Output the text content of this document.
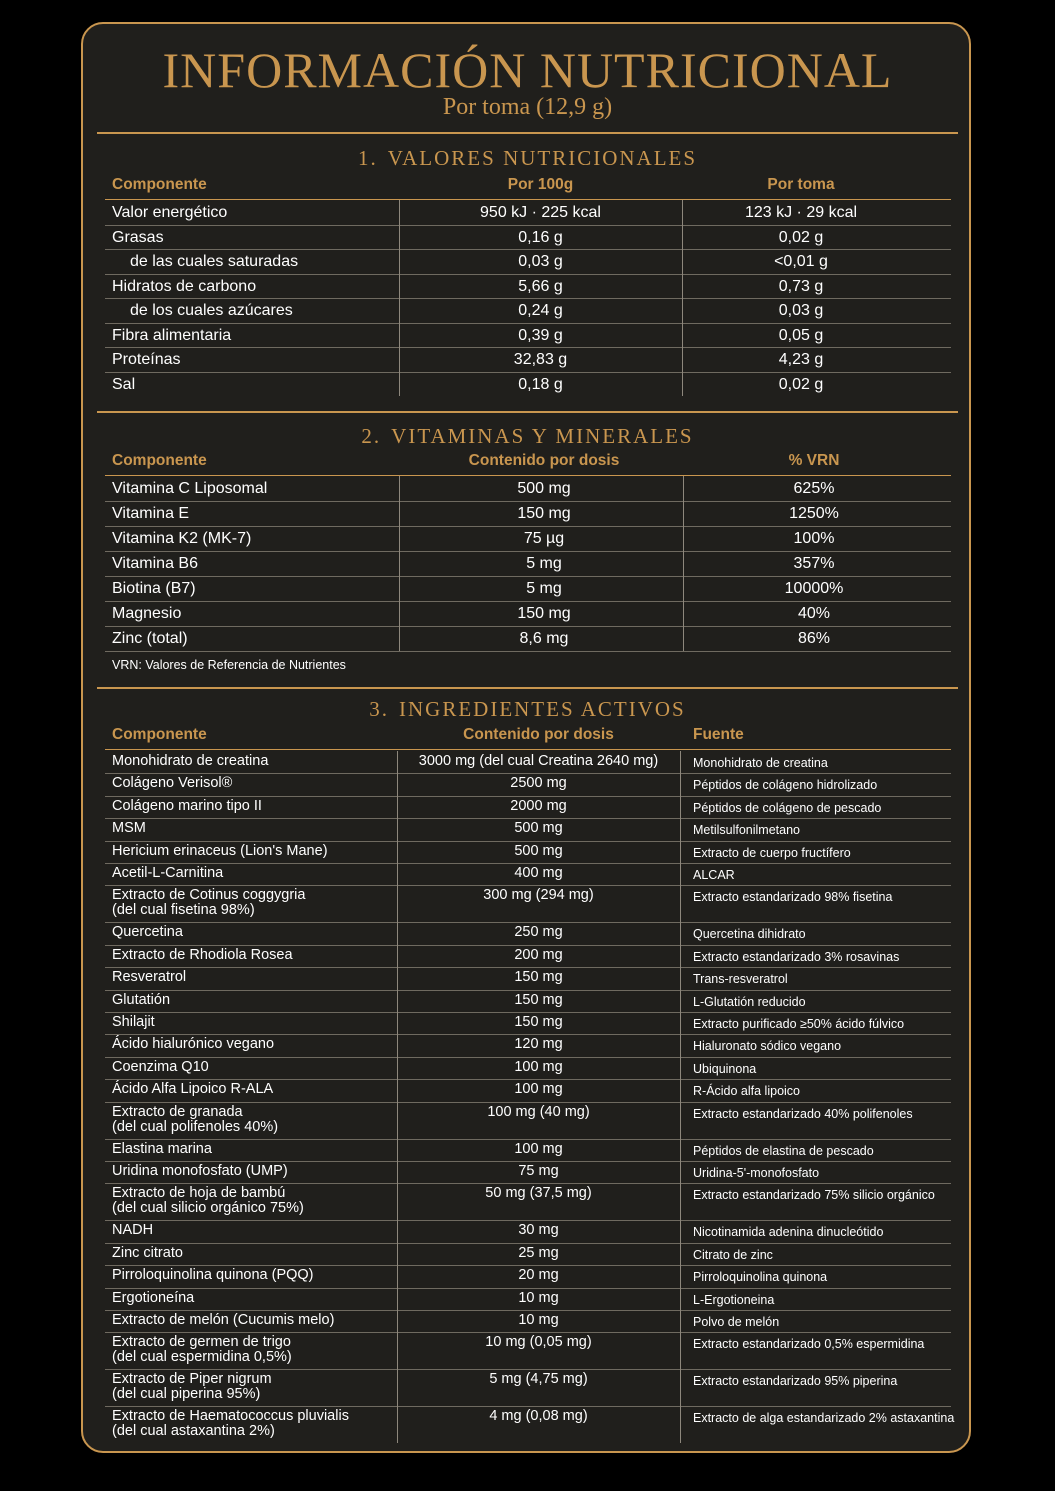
INFORMACIÓN NUTRICIONAL
Por toma (12,9 g)
1. VALORES NUTRICIONALES
Componente	Por 100g	Por toma
Valor energético	950 kJ · 225 kcal	123 kJ · 29 kcal
Grasas	0,16 g	0,02 g
de las cuales saturadas	0,03 g	<0,01 g
Hidratos de carbono	5,66 g	0,73 g
de los cuales azúcares	0,24 g	0,03 g
Fibra alimentaria	0,39 g	0,05 g
Proteínas	32,83 g	4,23 g
Sal	0,18 g	0,02 g
2. VITAMINAS Y MINERALES
Componente	Contenido por dosis	% VRN
Vitamina C Liposomal	500 mg	625%
Vitamina E	150 mg	1250%
Vitamina K2 (MK-7)	75 µg	100%
Vitamina B6	5 mg	357%
Biotina (B7)	5 mg	10000%
Magnesio	150 mg	40%
Zinc (total)	8,6 mg	86%
VRN: Valores de Referencia de Nutrientes
3. INGREDIENTES ACTIVOS
Componente	Contenido por dosis	Fuente
Monohidrato de creatina	3000 mg (del cual Creatina 2640 mg)	Monohidrato de creatina
Colágeno Verisol®	2500 mg	Péptidos de colágeno hidrolizado
Colágeno marino tipo II	2000 mg	Péptidos de colágeno de pescado
MSM	500 mg	Metilsulfonilmetano
Hericium erinaceus (Lion's Mane)	500 mg	Extracto de cuerpo fructífero
Acetil-L-Carnitina	400 mg	ALCAR
Extracto de Cotinus coggygria
(del cual fisetina 98%)
300 mg (294 mg)	Extracto estandarizado 98% fisetina
Quercetina	250 mg	Quercetina dihidrato
Extracto de Rhodiola Rosea	200 mg	Extracto estandarizado 3% rosavinas
Resveratrol	150 mg	Trans-resveratrol
Glutatión	150 mg	L-Glutatión reducido
Shilajit	150 mg	Extracto purificado ≥50% ácido fúlvico
Ácido hialurónico vegano	120 mg	Hialuronato sódico vegano
Coenzima Q10	100 mg	Ubiquinona
Ácido Alfa Lipoico R-ALA	100 mg	R-Ácido alfa lipoico
Extracto de granada
(del cual polifenoles 40%)
100 mg (40 mg)	Extracto estandarizado 40% polifenoles
Elastina marina	100 mg	Péptidos de elastina de pescado
Uridina monofosfato (UMP)	75 mg	Uridina-5'-monofosfato
Extracto de hoja de bambú
(del cual silicio orgánico 75%)
50 mg (37,5 mg)	Extracto estandarizado 75% silicio orgánico
NADH	30 mg	Nicotinamida adenina dinucleótido
Zinc citrato	25 mg	Citrato de zinc
Pirroloquinolina quinona (PQQ)	20 mg	Pirroloquinolina quinona
Ergotioneína	10 mg	L-Ergotioneina
Extracto de melón (Cucumis melo)	10 mg	Polvo de melón
Extracto de germen de trigo
(del cual espermidina 0,5%)
10 mg (0,05 mg)	Extracto estandarizado 0,5% espermidina
Extracto de Piper nigrum
(del cual piperina 95%)
5 mg (4,75 mg)	Extracto estandarizado 95% piperina
Extracto de Haematococcus pluvialis
(del cual astaxantina 2%)
4 mg (0,08 mg)	Extracto de alga estandarizado 2% astaxantina
